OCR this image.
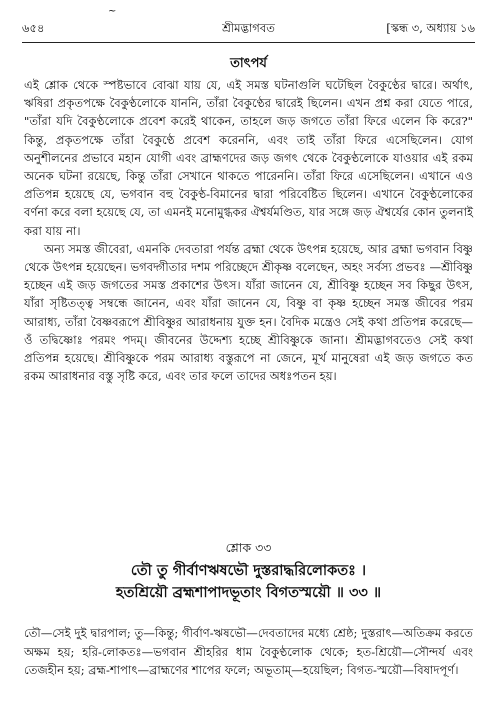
~
৬৫৪	শ্রীমদ্ভাগবত	[স্কন্ধ ৩, অধ্যায় ১৬
তাৎপর্য

এই শ্লোক থেকে স্পষ্টভাবে বোঝা যায় যে, এই সমস্ত ঘটনাগুলি ঘটেছিল বৈকুণ্ঠের দ্বারে। অর্থাৎ, ঋষিরা প্রকৃতপক্ষে বৈকুণ্ঠলোকে যাননি, তাঁরা বৈকুণ্ঠের দ্বারেই ছিলেন। এখন প্রশ্ন করা যেতে পারে, "তাঁরা যদি বৈকুণ্ঠলোকে প্রবেশ করেই থাকেন, তাহলে জড় জগতে তাঁরা ফিরে এলেন কি করে?" কিন্তু, প্রকৃতপক্ষে তাঁরা বৈকুণ্ঠে প্রবেশ করেননি, এবং তাই তাঁরা ফিরে এসেছিলেন। যোগ অনুশীলনের প্রভাবে মহান যোগী এবং ব্রাহ্মণদের জড় জগৎ থেকে বৈকুণ্ঠলোকে যাওয়ার এই রকম অনেক ঘটনা রয়েছে, কিন্তু তাঁরা সেখানে থাকতে পারেননি। তাঁরা ফিরে এসেছিলেন। এখানে এও প্রতিপন্ন হয়েছে যে, ভগবান বহু বৈকুণ্ঠ-বিমানের দ্বারা পরিবেষ্টিত ছিলেন। এখানে বৈকুণ্ঠলোকের বর্ণনা করে বলা হয়েছে যে, তা এমনই মনোমুগ্ধকর ঐশ্বর্যমণ্ডিত, যার সঙ্গে জড় ঐশ্বর্যের কোন তুলনাই করা যায় না।

অন্য সমস্ত জীবেরা, এমনকি দেবতারা পর্যন্ত ব্রহ্মা থেকে উৎপন্ন হয়েছে, আর ব্রহ্মা ভগবান বিষ্ণু থেকে উৎপন্ন হয়েছেন। ভগবদ্গীতার দশম পরিচ্ছেদে শ্রীকৃষ্ণ বলেছেন, অহং সর্বস্য প্রভবঃ —শ্রীবিষ্ণু হচ্ছেন এই জড় জগতের সমস্ত প্রকাশের উৎস। যাঁরা জানেন যে, শ্রীবিষ্ণু হচ্ছেন সব কিছুর উৎস, যাঁরা সৃষ্টিতত্ত্ব সম্বন্ধে জানেন, এবং যাঁরা জানেন যে, বিষ্ণু বা কৃষ্ণ হচ্ছেন সমস্ত জীবের পরম আরাধ্য, তাঁরা বৈষ্ণবরূপে শ্রীবিষ্ণুর আরাধনায় যুক্ত হন। বৈদিক মন্ত্রেও সেই কথা প্রতিপন্ন করেছে—ওঁ তদ্বিষ্ণোঃ পরমং পদম্। জীবনের উদ্দেশ্য হচ্ছে শ্রীবিষ্ণুকে জানা। শ্রীমদ্ভাগবতেও সেই কথা প্রতিপন্ন হয়েছে। শ্রীবিষ্ণুকে পরম আরাধ্য বস্তুরূপে না জেনে, মূর্খ মানুষেরা এই জড় জগতে কত রকম আরাধনার বস্তু সৃষ্টি করে, এবং তার ফলে তাদের অধঃপতন হয়।

শ্লোক ৩৩
তৌ তু গীর্বাণঋষভৌ দুস্তরাদ্ধরিলোকতঃ ।
হতশ্রিয়ৌ ব্রহ্মশাপাদভূতাং বিগতস্ময়ৌ ॥ ৩৩ ॥
তৌ—সেই দুই দ্বারপাল; তু—কিন্তু; গীর্বাণ-ঋষভৌ—দেবতাদের মধ্যে শ্রেষ্ঠ; দুস্তরাৎ—অতিক্রম করতে অক্ষম হয়; হরি-লোকতঃ—ভগবান শ্রীহরির ধাম বৈকুণ্ঠলোক থেকে; হত-শ্রিয়ৌ—সৌন্দর্য এবং তেজহীন হয়; ব্রহ্ম-শাপাৎ—ব্রাহ্মণের শাপের ফলে; অভূতাম্—হয়েছিল; বিগত-স্ময়ৌ—বিষাদপূর্ণ।
